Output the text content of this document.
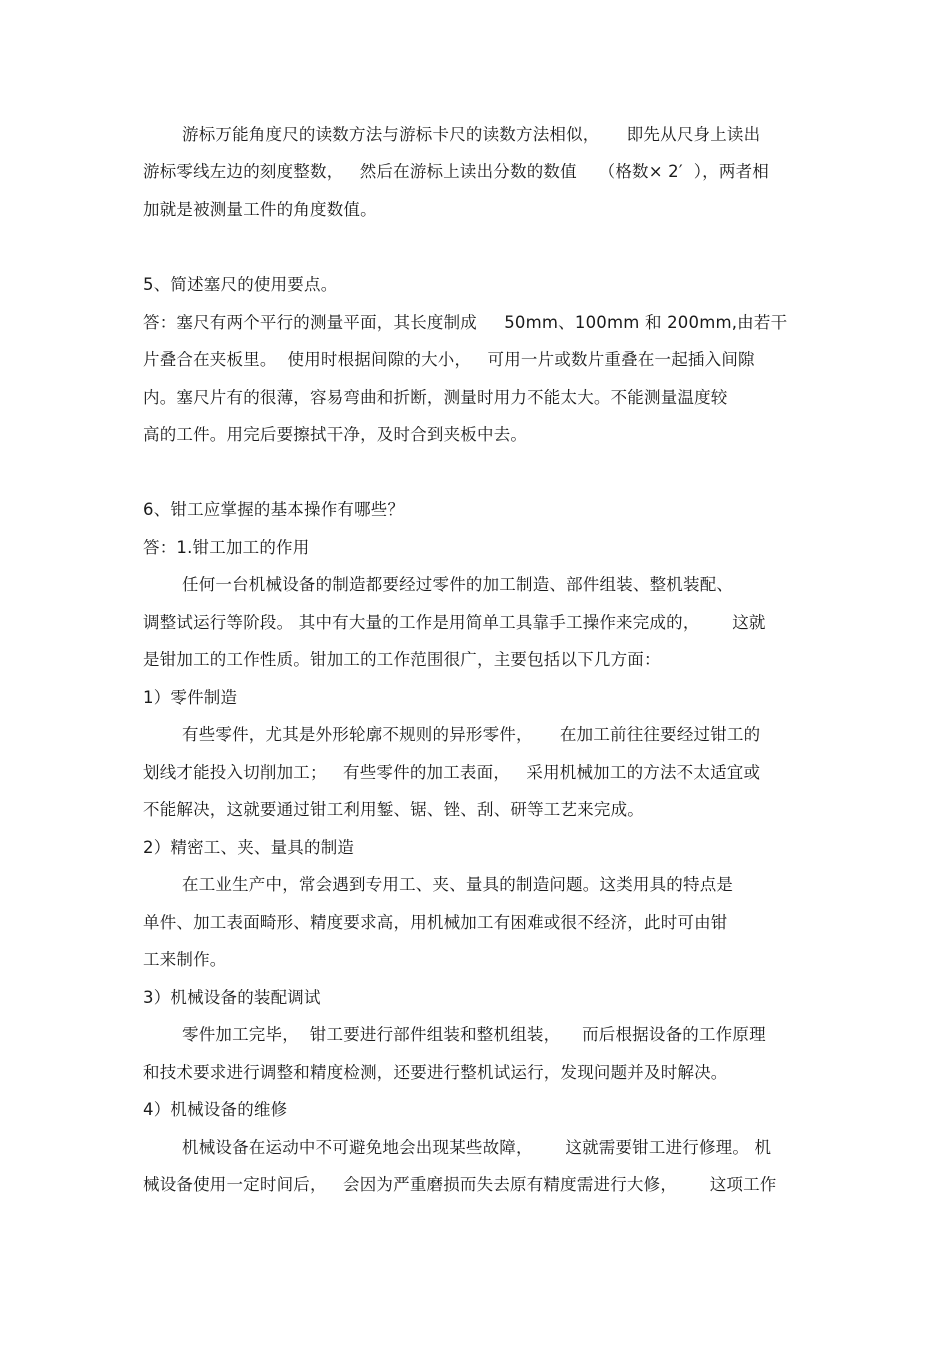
游标万能角度尺的读数方法与游标卡尺的读数方法相似，     即先从尺身上读出
游标零线左边的刻度整数，   然后在游标上读出分数的数值    （格数× 2′  ），两者相
加就是被测量工件的角度数值。
5、简述塞尺的使用要点。
答：塞尺有两个平行的测量平面，其长度制成     50mm、100mm 和 200mm,由若干
片叠合在夹板里。  使用时根据间隙的大小，   可用一片或数片重叠在一起插入间隙
内。塞尺片有的很薄，容易弯曲和折断，测量时用力不能太大。不能测量温度较
高的工件。用完后要擦拭干净，及时合到夹板中去。
6、钳工应掌握的基本操作有哪些？
答：1.钳工加工的作用
任何一台机械设备的制造都要经过零件的加工制造、部件组装、整机装配、
调整试运行等阶段。 其中有大量的工作是用简单工具靠手工操作来完成的，      这就
是钳加工的工作性质。钳加工的工作范围很广，主要包括以下几方面：
1）零件制造
有些零件，尤其是外形轮廓不规则的异形零件，     在加工前往往要经过钳工的
划线才能投入切削加工；   有些零件的加工表面，   采用机械加工的方法不太适宜或
不能解决，这就要通过钳工利用錾、锯、锉、刮、研等工艺来完成。
2）精密工、夹、量具的制造
在工业生产中，常会遇到专用工、夹、量具的制造问题。这类用具的特点是
单件、加工表面畸形、精度要求高，用机械加工有困难或很不经济，此时可由钳
工来制作。
3）机械设备的装配调试
零件加工完毕，  钳工要进行部件组装和整机组装，    而后根据设备的工作原理
和技术要求进行调整和精度检测，还要进行整机试运行，发现问题并及时解决。
4）机械设备的维修
机械设备在运动中不可避免地会出现某些故障，      这就需要钳工进行修理。 机
械设备使用一定时间后，   会因为严重磨损而失去原有精度需进行大修，      这项工作
